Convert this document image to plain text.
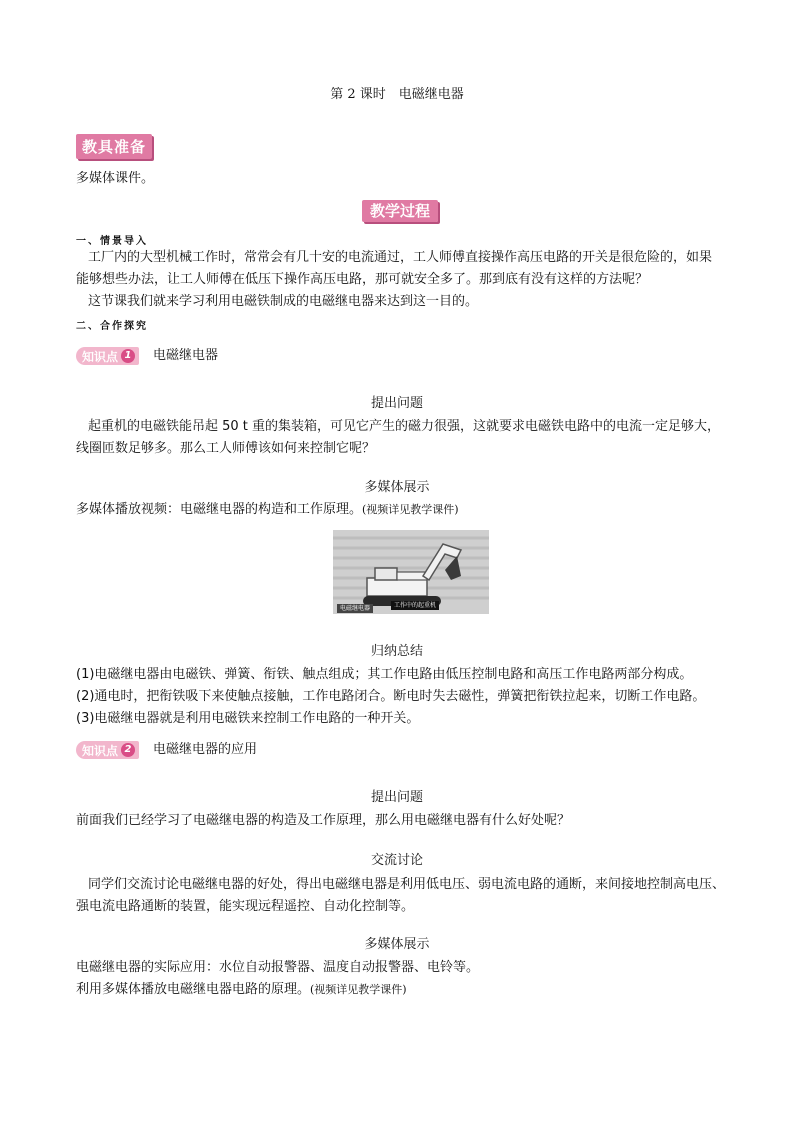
第 2 课时　电磁继电器
教具准备
多媒体课件。
教学过程
一、情景导入
工厂内的大型机械工作时，常常会有几十安的电流通过，工人师傅直接操作高压电路的开关是很危险的，如果
能够想些办法，让工人师傅在低压下操作高压电路，那可就安全多了。那到底有没有这样的方法呢？
这节课我们就来学习利用电磁铁制成的电磁继电器来达到这一目的。
二、合作探究
知识点 1 电磁继电器
提出问题
起重机的电磁铁能吊起 50 t 重的集装箱，可见它产生的磁力很强，这就要求电磁铁电路中的电流一定足够大，
线圈匝数足够多。那么工人师傅该如何来控制它呢？
多媒体展示
多媒体播放视频：电磁继电器的构造和工作原理。(视频详见教学课件)
电磁继电器	工作中的起重机
归纳总结
(1)电磁继电器由电磁铁、弹簧、衔铁、触点组成；其工作电路由低压控制电路和高压工作电路两部分构成。
(2)通电时，把衔铁吸下来使触点接触，工作电路闭合。断电时失去磁性，弹簧把衔铁拉起来，切断工作电路。
(3)电磁继电器就是利用电磁铁来控制工作电路的一种开关。
知识点 2 电磁继电器的应用
提出问题
前面我们已经学习了电磁继电器的构造及工作原理，那么用电磁继电器有什么好处呢？
交流讨论
同学们交流讨论电磁继电器的好处，得出电磁继电器是利用低电压、弱电流电路的通断，来间接地控制高电压、
强电流电路通断的装置，能实现远程遥控、自动化控制等。
多媒体展示
电磁继电器的实际应用：水位自动报警器、温度自动报警器、电铃等。
利用多媒体播放电磁继电器电路的原理。(视频详见教学课件)
